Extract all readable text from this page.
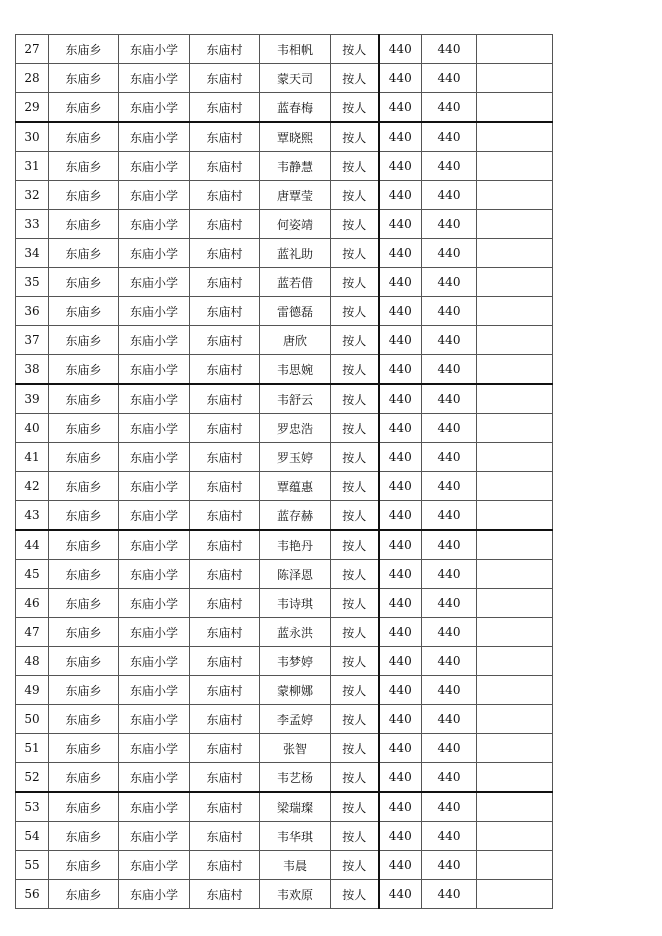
27	东庙乡	东庙小学	东庙村	韦相帆	按人	440	440	
28	东庙乡	东庙小学	东庙村	蒙天司	按人	440	440	
29	东庙乡	东庙小学	东庙村	蓝春梅	按人	440	440	
30	东庙乡	东庙小学	东庙村	覃晓熙	按人	440	440	
31	东庙乡	东庙小学	东庙村	韦静慧	按人	440	440	
32	东庙乡	东庙小学	东庙村	唐覃莹	按人	440	440	
33	东庙乡	东庙小学	东庙村	何姿靖	按人	440	440	
34	东庙乡	东庙小学	东庙村	蓝礼助	按人	440	440	
35	东庙乡	东庙小学	东庙村	蓝若借	按人	440	440	
36	东庙乡	东庙小学	东庙村	雷德磊	按人	440	440	
37	东庙乡	东庙小学	东庙村	唐欣	按人	440	440	
38	东庙乡	东庙小学	东庙村	韦思婉	按人	440	440	
39	东庙乡	东庙小学	东庙村	韦舒云	按人	440	440	
40	东庙乡	东庙小学	东庙村	罗忠浩	按人	440	440	
41	东庙乡	东庙小学	东庙村	罗玉婷	按人	440	440	
42	东庙乡	东庙小学	东庙村	覃蕴惠	按人	440	440	
43	东庙乡	东庙小学	东庙村	蓝存赫	按人	440	440	
44	东庙乡	东庙小学	东庙村	韦艳丹	按人	440	440	
45	东庙乡	东庙小学	东庙村	陈泽恩	按人	440	440	
46	东庙乡	东庙小学	东庙村	韦诗琪	按人	440	440	
47	东庙乡	东庙小学	东庙村	蓝永洪	按人	440	440	
48	东庙乡	东庙小学	东庙村	韦梦婷	按人	440	440	
49	东庙乡	东庙小学	东庙村	蒙柳娜	按人	440	440	
50	东庙乡	东庙小学	东庙村	李孟婷	按人	440	440	
51	东庙乡	东庙小学	东庙村	张智	按人	440	440	
52	东庙乡	东庙小学	东庙村	韦艺杨	按人	440	440	
53	东庙乡	东庙小学	东庙村	梁瑞璨	按人	440	440	
54	东庙乡	东庙小学	东庙村	韦华琪	按人	440	440	
55	东庙乡	东庙小学	东庙村	韦晨	按人	440	440	
56	东庙乡	东庙小学	东庙村	韦欢原	按人	440	440	
